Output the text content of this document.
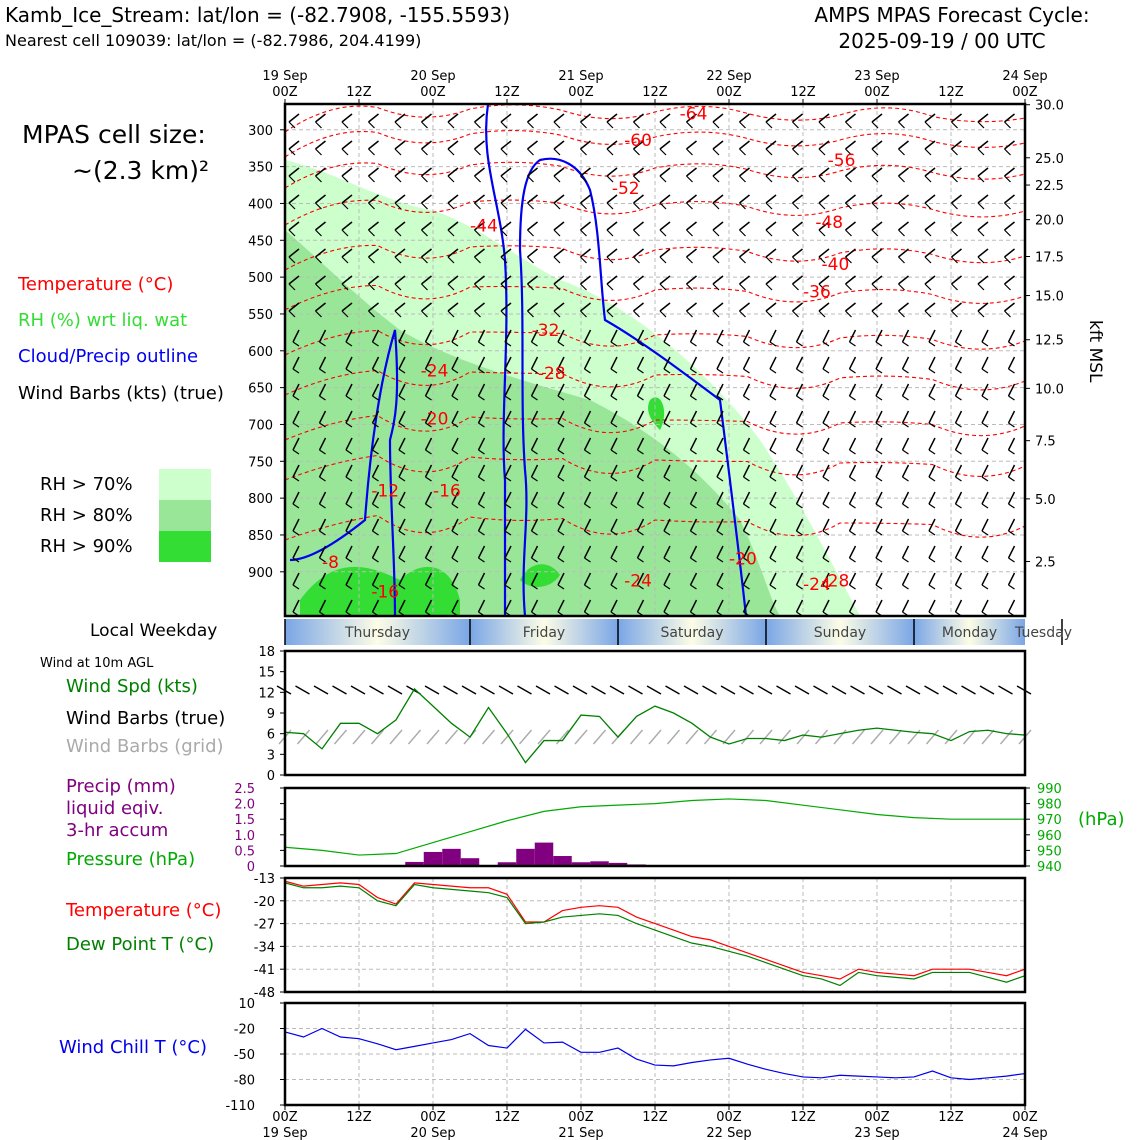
Kamb_Ice_Stream: lat/lon = (-82.7908, -155.5593)
Nearest cell 109039: lat/lon = (-82.7986, 204.4199)
AMPS MPAS Forecast Cycle:
2025-09-19 / 00 UTC
MPAS cell size:
~(2.3 km)²
Temperature (°C)
RH (%) wrt liq. wat
Cloud/Precip outline
Wind Barbs (kts) (true)
RH > 70%
RH > 80%
RH > 90%
Local Weekday
Wind at 10m AGL
Wind Spd (kts)
Wind Barbs (true)
Wind Barbs (grid)
Precip (mm)
liquid eqiv.
3-hr accum
Pressure (hPa)
(hPa)
Temperature (°C)
Dew Point T (°C)
Wind Chill T (°C)
kft MSL
-64
-60
-56
-52
-48
-44
-40
-36
-32
-28
-24
-20
-16
-12
-8
-16
-24
-20
-24
-28
300
350
400
450
500
550
600
650
700
750
800
850
900
30.0
25.0
22.5
20.0
17.5
15.0
12.5
10.0
7.5
5.0
2.5
19 Sep
00Z	12Z
20 Sep
00Z	12Z
21 Sep
00Z	12Z
22 Sep
00Z	12Z
23 Sep
00Z	12Z
24 Sep
00Z
Thursday	Friday	Saturday	Sunday	Monday Tuesday
0
3
6
9
12
15
18
0
0.5
1.0
1.5
2.0
2.5
940
950
960
970
980
990
-13
-20
-27
-34
-41
-48
10
-20
-50
-80
-110
00Z
19 Sep
12Z	00Z
20 Sep
12Z	00Z
21 Sep
12Z	00Z
22 Sep
12Z	00Z
23 Sep
12Z	00Z
24 Sep
